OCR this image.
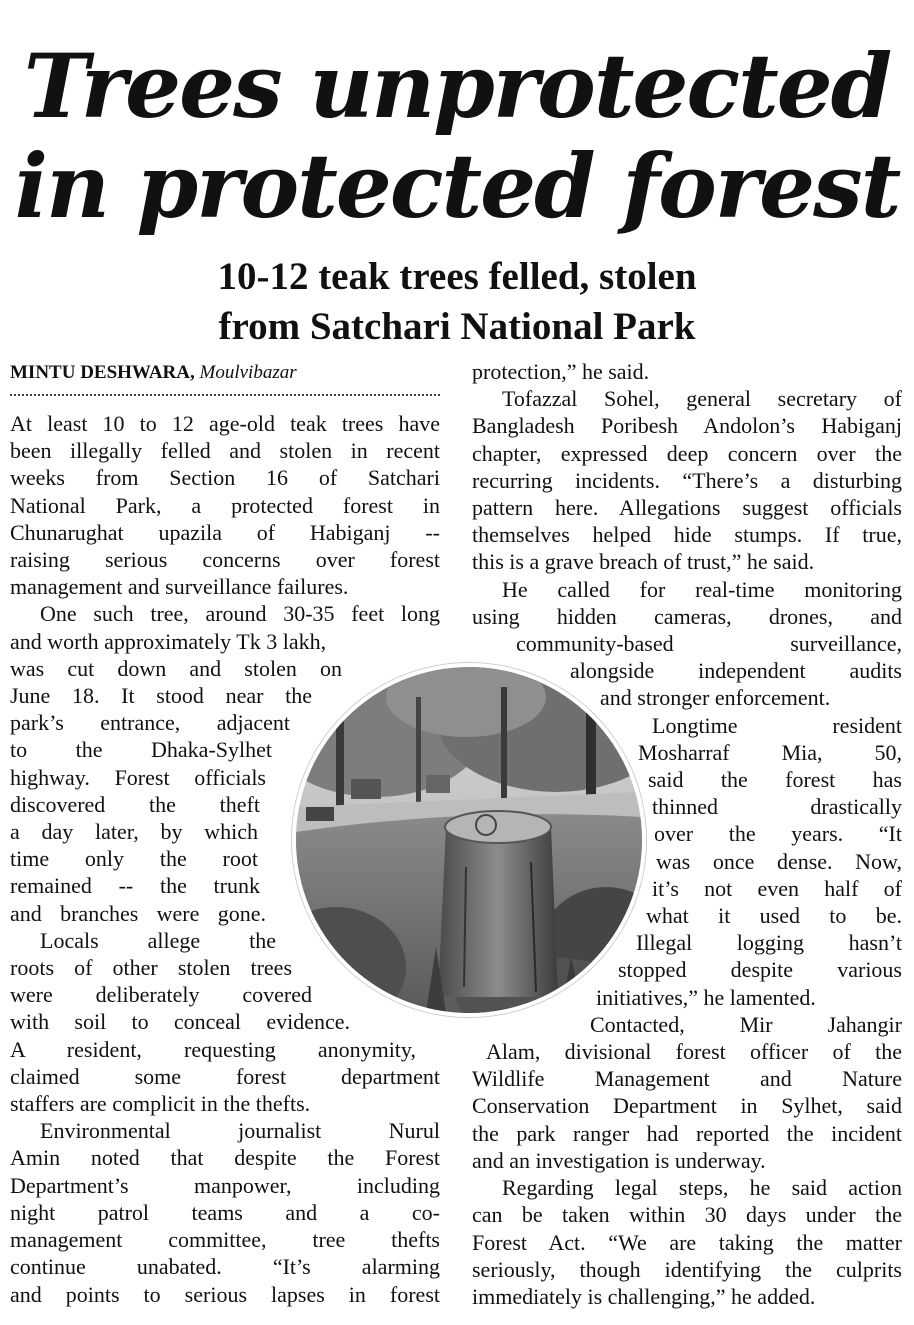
Trees unprotected
in protected forest
10-12 teak trees felled, stolen
from Satchari National Park
MINTU DESHWARA, Moulvibazar
At least 10 to 12 age-old teak trees have
been illegally felled and stolen in recent
weeks from Section 16 of Satchari
National Park, a protected forest in
Chunarughat upazila of Habiganj --
raising serious concerns over forest
management and surveillance failures.
One such tree, around 30-35 feet long
and worth approximately Tk 3 lakh,
was cut down and stolen on
June 18. It stood near the
park’s entrance, adjacent
to the Dhaka-Sylhet
highway. Forest officials
discovered the theft
a day later, by which
time only the root
remained -- the trunk
and branches were gone.
Locals allege the
roots of other stolen trees
were deliberately covered
with soil to conceal evidence.
A resident, requesting anonymity,
claimed some forest department
staffers are complicit in the thefts.
Environmental journalist Nurul
Amin noted that despite the Forest
Department’s manpower, including
night patrol teams and a co-
management committee, tree thefts
continue unabated. “It’s alarming
and points to serious lapses in forest
protection,” he said.
Tofazzal Sohel, general secretary of
Bangladesh Poribesh Andolon’s Habiganj
chapter, expressed deep concern over the
recurring incidents. “There’s a disturbing
pattern here. Allegations suggest officials
themselves helped hide stumps. If true,
this is a grave breach of trust,” he said.
He called for real-time monitoring
using hidden cameras, drones, and
community-based surveillance,
alongside independent audits
and stronger enforcement.
Longtime resident
Mosharraf Mia, 50,
said the forest has
thinned drastically
over the years. “It
was once dense. Now,
it’s not even half of
what it used to be.
Illegal logging hasn’t
stopped despite various
initiatives,” he lamented.
Contacted, Mir Jahangir
Alam, divisional forest officer of the
Wildlife Management and Nature
Conservation Department in Sylhet, said
the park ranger had reported the incident
and an investigation is underway.
Regarding legal steps, he said action
can be taken within 30 days under the
Forest Act. “We are taking the matter
seriously, though identifying the culprits
immediately is challenging,” he added.
